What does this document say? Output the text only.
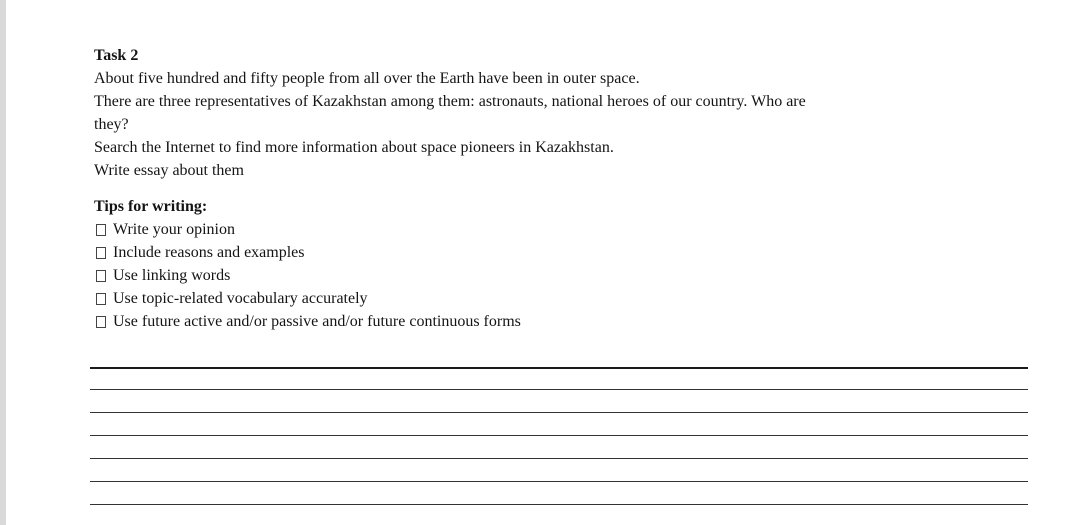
Task 2

About five hundred and fifty people from all over the Earth have been in outer space.

There are three representatives of Kazakhstan among them: astronauts, national heroes of our country. Who are

they?

Search the Internet to find more information about space pioneers in Kazakhstan.

Write essay about them

Tips for writing:

Write your opinion
Include reasons and examples
Use linking words
Use topic-related vocabulary accurately
Use future active and/or passive and/or future continuous forms
